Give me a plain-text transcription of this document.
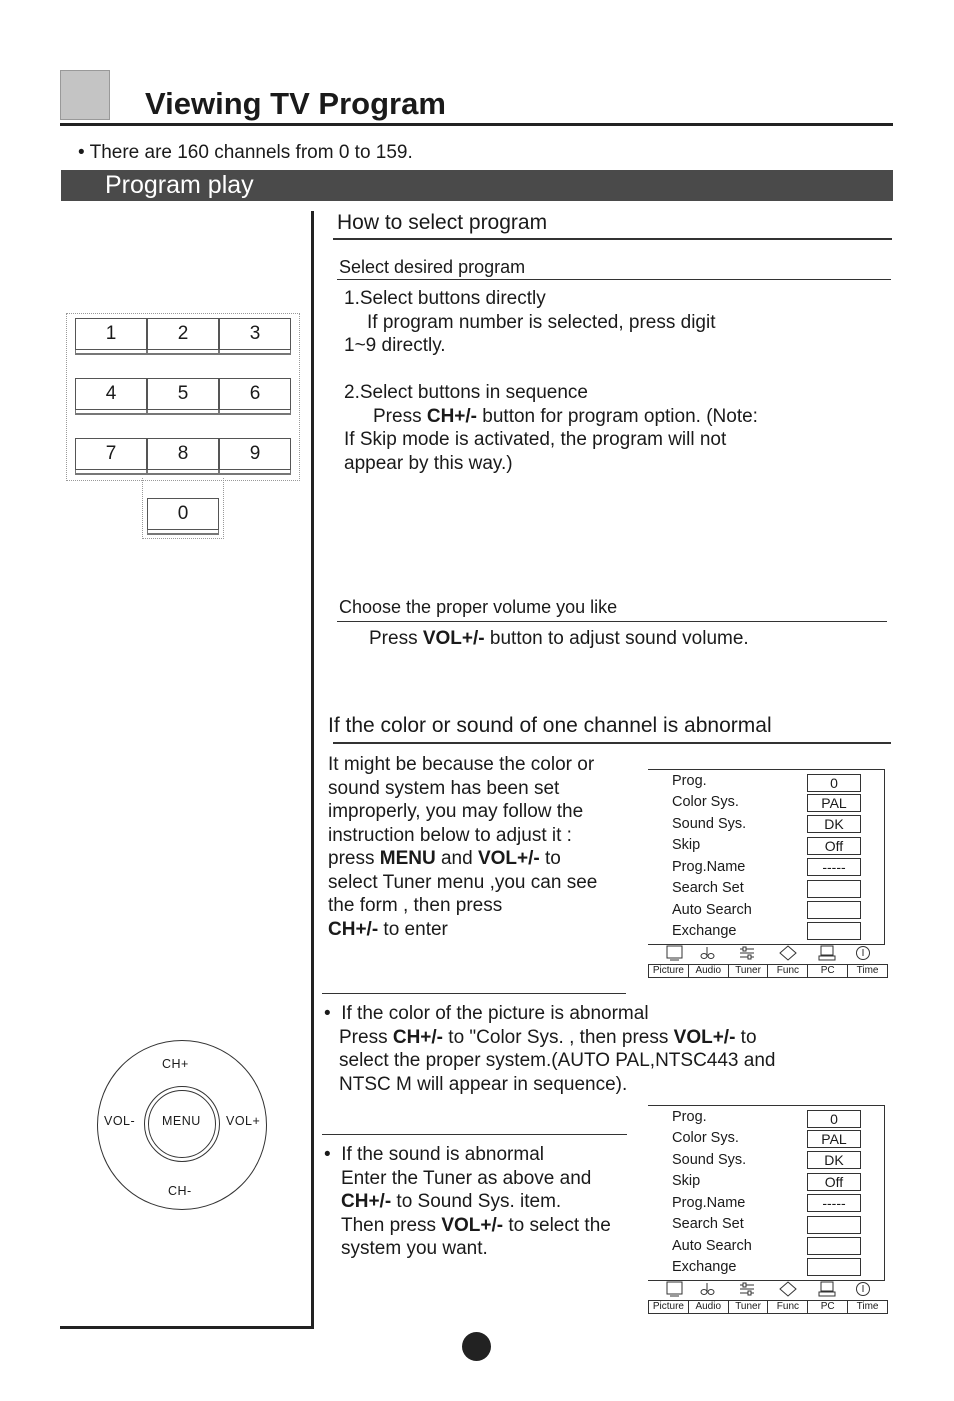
Viewing TV Program
• There are 160 channels from 0 to 159.
Program play
How to select program
Select desired program

1.Select buttons directly

If program number is selected, press digit

1~9 directly.

2.Select buttons in sequence

Press CH+/- button for program option. (Note:

If Skip mode is activated, the program will not

appear by this way.)

1	2	3
4	5	6
7	8	9
0
Choose the proper volume you like

Press VOL+/- button to adjust sound volume.

If the color or sound of one channel is abnormal

It might be because the color or

sound system has been set

improperly, you may follow the

instruction below to adjust it :

press MENU and VOL+/- to

select Tuner menu ,you can see

the form , then press

CH+/- to enter

Prog.	0
Color Sys.	PAL
Sound Sys.	DK
Skip	Off
Prog.Name	-----
Search Set
Auto Search
Exchange
Picture	Audio	Tuner	Func	PC	Time

•  If the color of the picture is abnormal

Press CH+/- to "Color Sys. , then press VOL+/- to

select the proper system.(AUTO PAL,NTSC443 and

NTSC M will appear in sequence).

CH+
CH-
VOL-	VOL+
MENU

•  If the sound is abnormal

Enter the Tuner as above and

CH+/- to Sound Sys. item.

Then press VOL+/- to select the

system you want.

Prog.	0
Color Sys.	PAL
Sound Sys.	DK
Skip	Off
Prog.Name	-----
Search Set
Auto Search
Exchange
Picture	Audio	Tuner	Func	PC	Time
